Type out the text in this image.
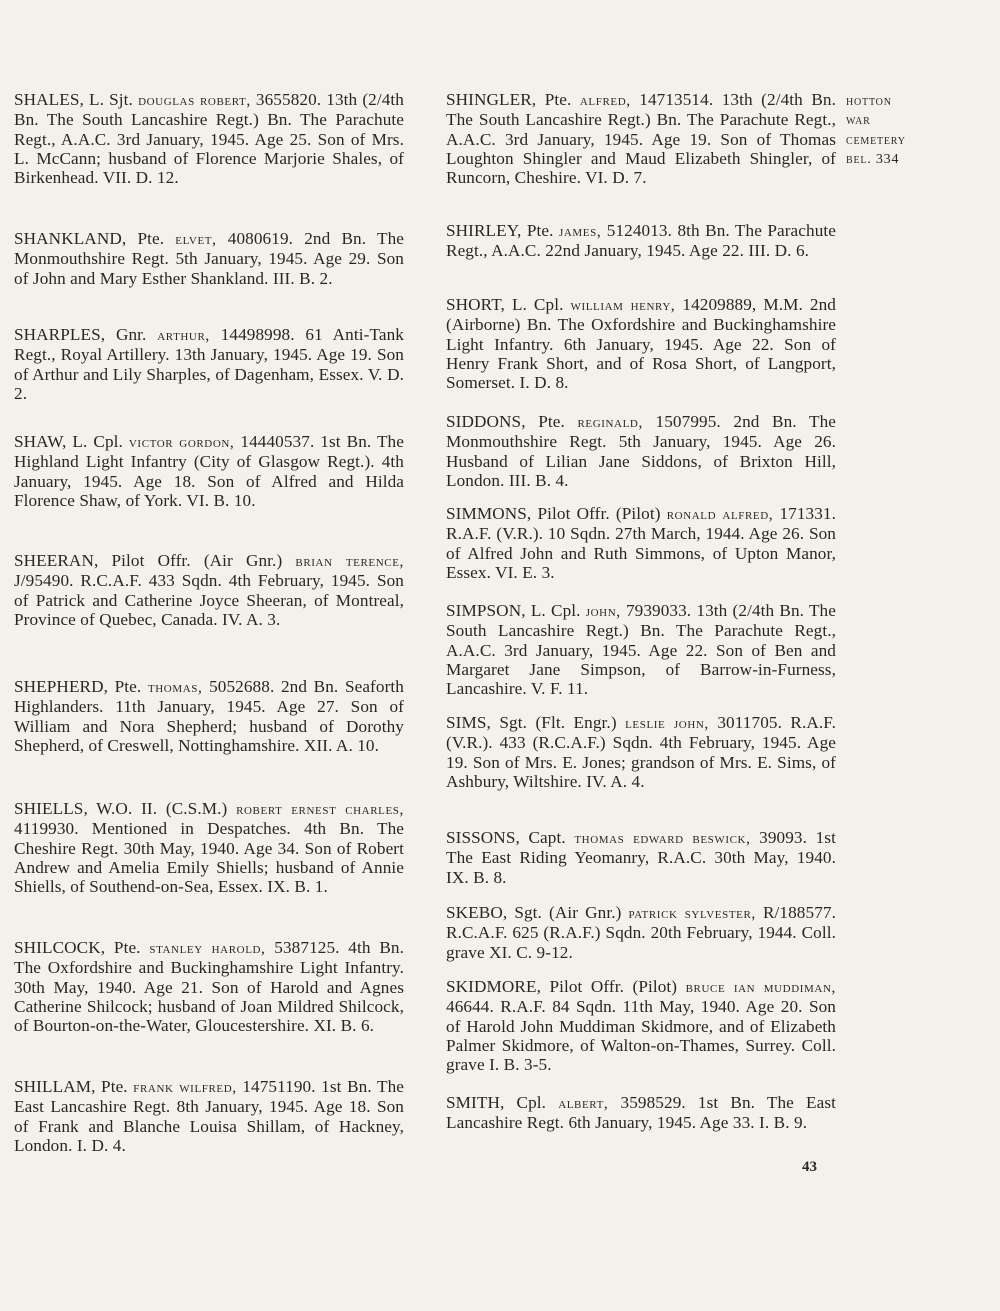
SHALES, L. Sjt. douglas robert, 3655820. 13th (2/4th Bn. The South Lancashire Regt.) Bn. The Parachute Regt., A.A.C. 3rd January, 1945. Age 25. Son of Mrs. L. McCann; husband of Florence Marjorie Shales, of Birkenhead. VII. D. 12.
SHANKLAND, Pte. elvet, 4080619. 2nd Bn. The Monmouthshire Regt. 5th January, 1945. Age 29. Son of John and Mary Esther Shankland. III. B. 2.
SHARPLES, Gnr. arthur, 14498998. 61 Anti-Tank Regt., Royal Artillery. 13th January, 1945. Age 19. Son of Arthur and Lily Sharples, of Dagenham, Essex. V. D. 2.
SHAW, L. Cpl. victor gordon, 14440537. 1st Bn. The Highland Light Infantry (City of Glasgow Regt.). 4th January, 1945. Age 18. Son of Alfred and Hilda Florence Shaw, of York. VI. B. 10.
SHEERAN, Pilot Offr. (Air Gnr.) brian terence, J/95490. R.C.A.F. 433 Sqdn. 4th February, 1945. Son of Patrick and Catherine Joyce Sheeran, of Montreal, Province of Quebec, Canada. IV. A. 3.
SHEPHERD, Pte. thomas, 5052688. 2nd Bn. Seaforth Highlanders. 11th January, 1945. Age 27. Son of William and Nora Shepherd; husband of Dorothy Shepherd, of Creswell, Nottinghamshire. XII. A. 10.
SHIELLS, W.O. II. (C.S.M.) robert ernest charles, 4119930. Mentioned in Despatches. 4th Bn. The Cheshire Regt. 30th May, 1940. Age 34. Son of Robert Andrew and Amelia Emily Shiells; husband of Annie Shiells, of Southend-on-Sea, Essex. IX. B. 1.
SHILCOCK, Pte. stanley harold, 5387125. 4th Bn. The Oxfordshire and Buckinghamshire Light Infantry. 30th May, 1940. Age 21. Son of Harold and Agnes Catherine Shilcock; husband of Joan Mildred Shilcock, of Bourton-on-the-Water, Gloucestershire. XI. B. 6.
SHILLAM, Pte. frank wilfred, 14751190. 1st Bn. The East Lancashire Regt. 8th January, 1945. Age 18. Son of Frank and Blanche Louisa Shillam, of Hackney, London. I. D. 4.
SHINGLER, Pte. alfred, 14713514. 13th (2/4th Bn. The South Lancashire Regt.) Bn. The Parachute Regt., A.A.C. 3rd January, 1945. Age 19. Son of Thomas Loughton Shingler and Maud Elizabeth Shingler, of Runcorn, Cheshire. VI. D. 7.
SHIRLEY, Pte. james, 5124013. 8th Bn. The Parachute Regt., A.A.C. 22nd January, 1945. Age 22. III. D. 6.
SHORT, L. Cpl. william henry, 14209889, M.M. 2nd (Airborne) Bn. The Oxfordshire and Buckinghamshire Light Infantry. 6th January, 1945. Age 22. Son of Henry Frank Short, and of Rosa Short, of Langport, Somerset. I. D. 8.
SIDDONS, Pte. reginald, 1507995. 2nd Bn. The Monmouthshire Regt. 5th January, 1945. Age 26. Husband of Lilian Jane Siddons, of Brixton Hill, London. III. B. 4.
SIMMONS, Pilot Offr. (Pilot) ronald alfred, 171331. R.A.F. (V.R.). 10 Sqdn. 27th March, 1944. Age 26. Son of Alfred John and Ruth Simmons, of Upton Manor, Essex. VI. E. 3.
SIMPSON, L. Cpl. john, 7939033. 13th (2/4th Bn. The South Lancashire Regt.) Bn. The Parachute Regt., A.A.C. 3rd January, 1945. Age 22. Son of Ben and Margaret Jane Simpson, of Barrow-in-Furness, Lancashire. V. F. 11.
SIMS, Sgt. (Flt. Engr.) leslie john, 3011705. R.A.F. (V.R.). 433 (R.C.A.F.) Sqdn. 4th February, 1945. Age 19. Son of Mrs. E. Jones; grandson of Mrs. E. Sims, of Ashbury, Wiltshire. IV. A. 4.
SISSONS, Capt. thomas edward beswick, 39093. 1st The East Riding Yeomanry, R.A.C. 30th May, 1940. IX. B. 8.
SKEBO, Sgt. (Air Gnr.) patrick sylvester, R/188577. R.C.A.F. 625 (R.A.F.) Sqdn. 20th February, 1944. Coll. grave XI. C. 9-12.
SKIDMORE, Pilot Offr. (Pilot) bruce ian muddiman, 46644. R.A.F. 84 Sqdn. 11th May, 1940. Age 20. Son of Harold John Muddiman Skidmore, and of Elizabeth Palmer Skidmore, of Walton-on-Thames, Surrey. Coll. grave I. B. 3-5.
SMITH, Cpl. albert, 3598529. 1st Bn. The East Lancashire Regt. 6th January, 1945. Age 33. I. B. 9.
hotton
war
cemetery
bel. 334
43
